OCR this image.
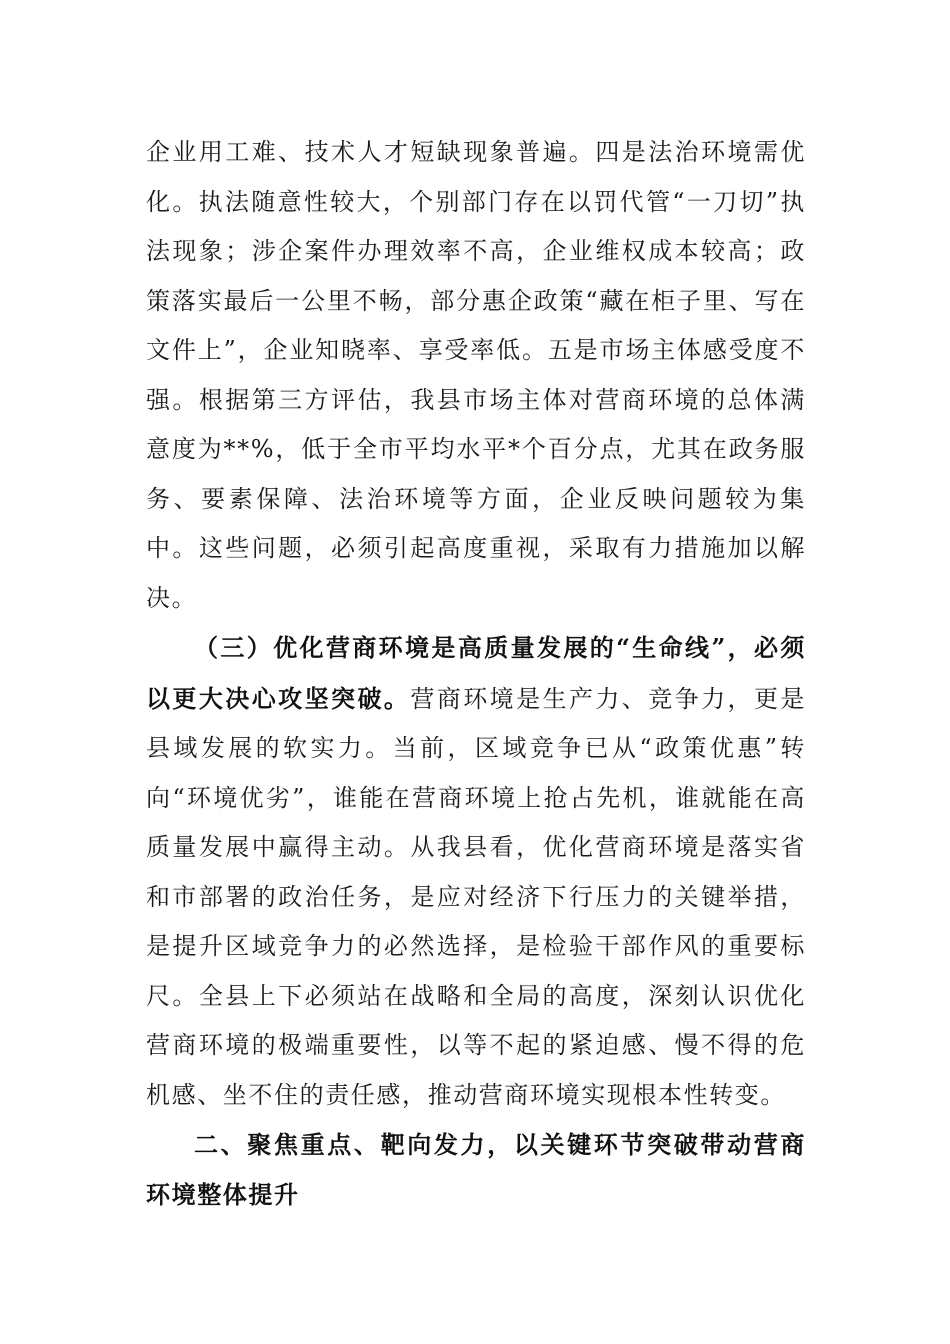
企业用工难、技术人才短缺现象普遍。四是法治环境需优化。执法随意性较大，个别部门存在以罚代管“一刀切”执法现象；涉企案件办理效率不高，企业维权成本较高；政策落实最后一公里不畅，部分惠企政策“藏在柜子里、写在文件上”，企业知晓率、享受率低。五是市场主体感受度不强。根据第三方评估，我县市场主体对营商环境的总体满意度为**%，低于全市平均水平*个百分点，尤其在政务服务、要素保障、法治环境等方面，企业反映问题较为集中。这些问题，必须引起高度重视，采取有力措施加以解决。

（三）优化营商环境是高质量发展的“生命线”，必须以更大决心攻坚突破。营商环境是生产力、竞争力，更是县域发展的软实力。当前，区域竞争已从“政策优惠”转向“环境优劣”，谁能在营商环境上抢占先机，谁就能在高质量发展中赢得主动。从我县看，优化营商环境是落实省和市部署的政治任务，是应对经济下行压力的关键举措，是提升区域竞争力的必然选择，是检验干部作风的重要标尺。全县上下必须站在战略和全局的高度，深刻认识优化营商环境的极端重要性，以等不起的紧迫感、慢不得的危机感、坐不住的责任感，推动营商环境实现根本性转变。

二、聚焦重点、靶向发力，以关键环节突破带动营商环境整体提升
